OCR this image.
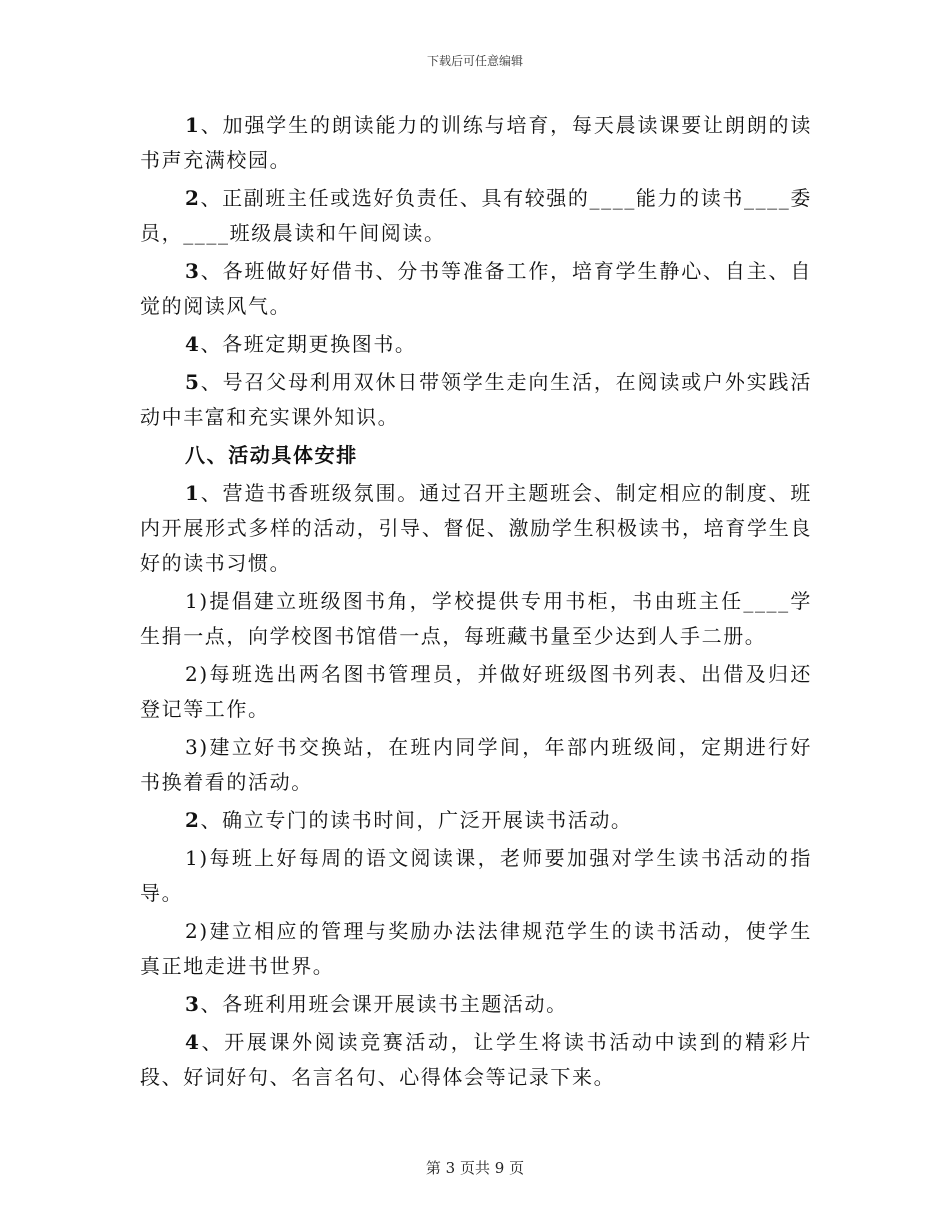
下载后可任意编辑

1、加强学生的朗读能力的训练与培育，每天晨读课要让朗朗的读书声充满校园。

2、正副班主任或选好负责任、具有较强的____能力的读书____委员，____班级晨读和午间阅读。

3、各班做好好借书、分书等准备工作，培育学生静心、自主、自觉的阅读风气。

4、各班定期更换图书。

5、号召父母利用双休日带领学生走向生活，在阅读或户外实践活动中丰富和充实课外知识。

八、活动具体安排

1、营造书香班级氛围。通过召开主题班会、制定相应的制度、班内开展形式多样的活动，引导、督促、激励学生积极读书，培育学生良好的读书习惯。

1)提倡建立班级图书角，学校提供专用书柜，书由班主任____学生捐一点，向学校图书馆借一点，每班藏书量至少达到人手二册。

2)每班选出两名图书管理员，并做好班级图书列表、出借及归还登记等工作。

3)建立好书交换站，在班内同学间，年部内班级间，定期进行好书换着看的活动。

2、确立专门的读书时间，广泛开展读书活动。

1)每班上好每周的语文阅读课，老师要加强对学生读书活动的指导。

2)建立相应的管理与奖励办法法律规范学生的读书活动，使学生真正地走进书世界。

3、各班利用班会课开展读书主题活动。

4、开展课外阅读竞赛活动，让学生将读书活动中读到的精彩片段、好词好句、名言名句、心得体会等记录下来。

第 3 页共 9 页
